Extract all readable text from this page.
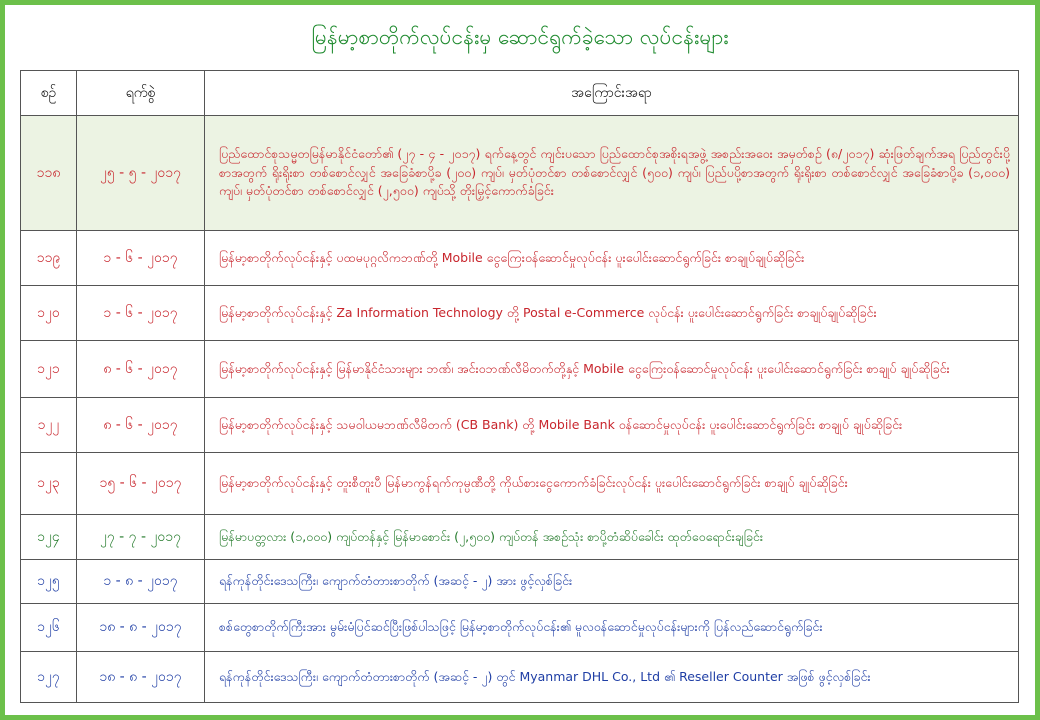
မြန်မာ့စာတိုက်လုပ်ငန်းမှ ဆောင်ရွက်ခဲ့သော လုပ်ငန်းများ
စဉ်	ရက်စွဲ	အကြောင်းအရာ
၁၁၈	၂၅ - ၅ - ၂၀၁၇	ပြည်ထောင်စုသမ္မတမြန်မာနိုင်ငံတော်၏ (၂၇ - ၄ - ၂၀၁၇) ရက်နေ့တွင် ကျင်းပသော ပြည်ထောင်စုအစိုးရအဖွဲ့ အစည်းအဝေး အမှတ်စဉ် (၈/၂၀၁၇) ဆုံးဖြတ်ချက်အရ ပြည်တွင်းပို့စာအတွက် ရိုးရိုးစာ တစ်စောင်လျှင် အခြေခံစာပို့ခ (၂၀၀) ကျပ်၊ မှတ်ပုံတင်စာ တစ်စောင်လျှင် (၅၀၀) ကျပ်၊ ပြည်ပပို့စာအတွက် ရိုးရိုးစာ တစ်စောင်လျှင် အခြေခံစာပို့ခ (၁,၀၀၀) ကျပ်၊ မှတ်ပုံတင်စာ တစ်စောင်လျှင် (၂,၅၀၀) ကျပ်သို့ တိုးမြှင့်ကောက်ခံခြင်း
၁၁၉	၁ - ၆ - ၂၀၁၇	မြန်မာ့စာတိုက်လုပ်ငန်းနှင့် ပထမပုဂ္ဂလိကဘဏ်တို့ Mobile ငွေကြေးဝန်ဆောင်မှုလုပ်ငန်း ပူးပေါင်းဆောင်ရွက်ခြင်း စာချုပ်ချုပ်ဆိုခြင်း
၁၂၀	၁ - ၆ - ၂၀၁၇	မြန်မာ့စာတိုက်လုပ်ငန်းနှင့် Za Information Technology တို့ Postal e-Commerce လုပ်ငန်း ပူးပေါင်းဆောင်ရွက်ခြင်း စာချုပ်ချုပ်ဆိုခြင်း
၁၂၁	၈ - ၆ - ၂၀၁၇	မြန်မာ့စာတိုက်လုပ်ငန်းနှင့် မြန်မာနိုင်ငံသားများ ဘဏ်၊ အင်းဝဘဏ်လီမိတက်တို့နှင့် Mobile ငွေကြေးဝန်ဆောင်မှုလုပ်ငန်း ပူးပေါင်းဆောင်ရွက်ခြင်း စာချုပ် ချုပ်ဆိုခြင်း
၁၂၂	၈ - ၆ - ၂၀၁၇	မြန်မာ့စာတိုက်လုပ်ငန်းနှင့် သမဝါယမဘဏ်လီမိတက် (CB Bank) တို့ Mobile Bank ဝန်ဆောင်မှုလုပ်ငန်း ပူးပေါင်းဆောင်ရွက်ခြင်း စာချုပ် ချုပ်ဆိုခြင်း
၁၂၃	၁၅ - ၆ - ၂၀၁၇	မြန်မာ့စာတိုက်လုပ်ငန်းနှင့် တူးစီတူးပီ မြန်မာကွန်ရက်ကုမ္ပဏီတို့ ကိုယ်စားငွေကောက်ခံခြင်းလုပ်ငန်း ပူးပေါင်းဆောင်ရွက်ခြင်း စာချုပ် ချုပ်ဆိုခြင်း
၁၂၄	၂၇ - ၇ - ၂၀၁၇	မြန်မာပတ္တလား (၁,၀၀၀) ကျပ်တန်နှင့် မြန်မာစောင်း (၂,၅၀၀) ကျပ်တန် အစဉ်သုံး စာပို့တံဆိပ်ခေါင်း ထုတ်ဝေရောင်းချခြင်း
၁၂၅	၁ - ၈ - ၂၀၁၇	ရန်ကုန်တိုင်းဒေသကြီး၊ ကျောက်တံတားစာတိုက် (အဆင့် - ၂) အား ဖွင့်လှစ်ခြင်း
၁၂၆	၁၈ - ၈ - ၂၀၁၇	စစ်တွေစာတိုက်ကြီးအား မွမ်းမံပြင်ဆင်ပြီးဖြစ်ပါသဖြင့် မြန်မာ့စာတိုက်လုပ်ငန်း၏ မူလဝန်ဆောင်မှုလုပ်ငန်းများကို ပြန်လည်ဆောင်ရွက်ခြင်း
၁၂၇	၁၈ - ၈ - ၂၀၁၇	ရန်ကုန်တိုင်းဒေသကြီး၊ ကျောက်တံတားစာတိုက် (အဆင့် - ၂) တွင် Myanmar DHL Co., Ltd ၏ Reseller Counter အဖြစ် ဖွင့်လှစ်ခြင်း
